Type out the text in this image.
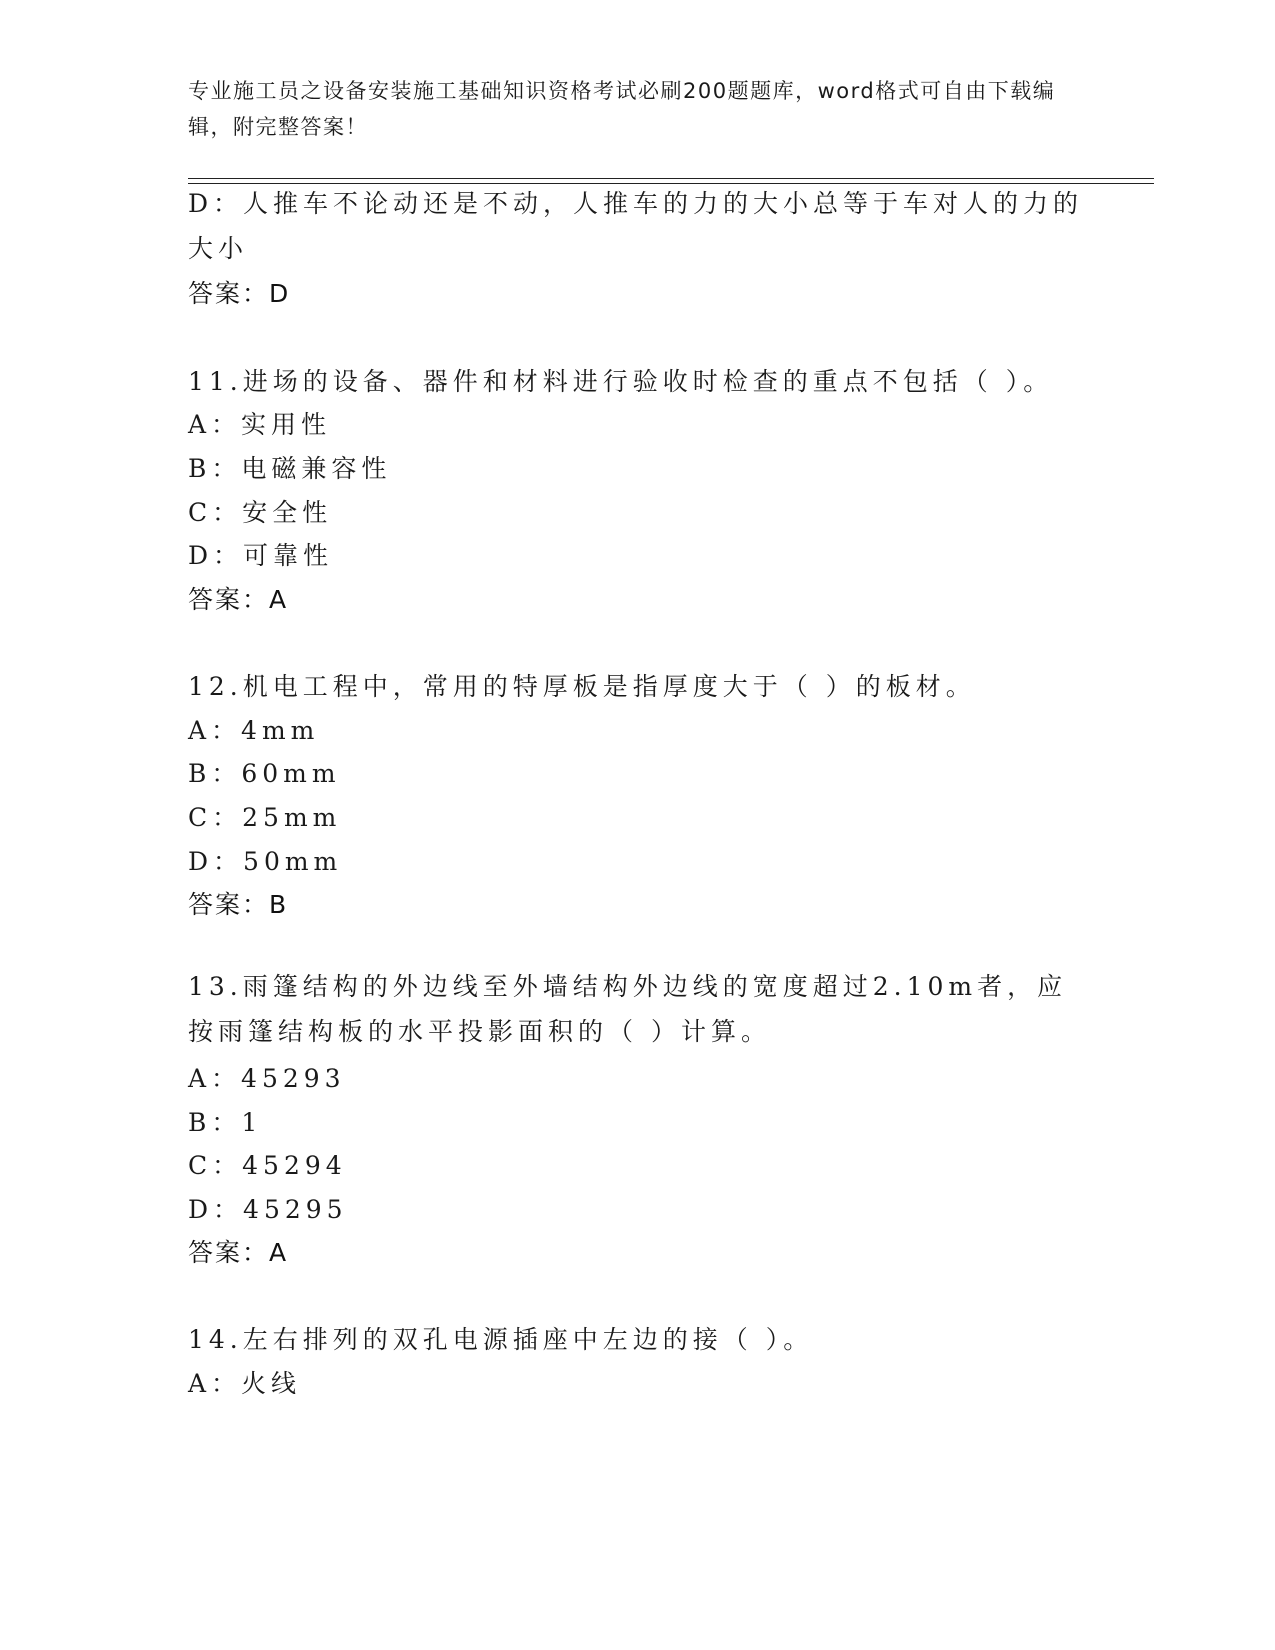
专业施工员之设备安装施工基础知识资格考试必刷200题题库，word格式可自由下载编辑，附完整答案！
D：人推车不论动还是不动，人推车的力的大小总等于车对人的力的大小
答案：D
11.进场的设备、器件和材料进行验收时检查的重点不包括（ ）。
A：实用性
B：电磁兼容性
C：安全性
D：可靠性
答案：A
12.机电工程中，常用的特厚板是指厚度大于（ ）的板材。
A：4mm
B：60mm
C：25mm
D：50mm
答案：B
13.雨篷结构的外边线至外墙结构外边线的宽度超过2.10m者，应按雨篷结构板的水平投影面积的（ ）计算。
A：45293
B：1
C：45294
D：45295
答案：A
14.左右排列的双孔电源插座中左边的接（ ）。
A：火线
